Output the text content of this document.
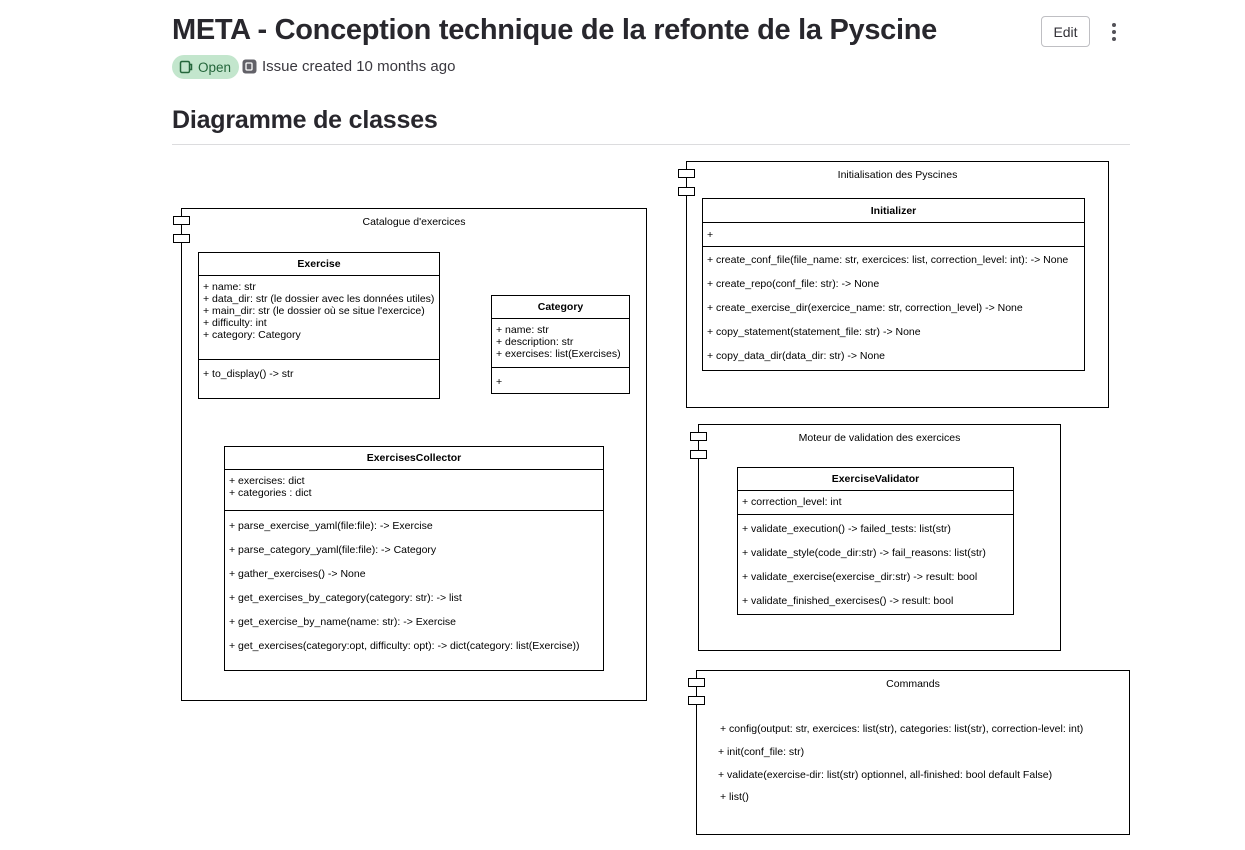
META - Conception technique de la refonte de la Pyscine	Edit
Open Issue created 10 months ago
Diagramme de classes
Catalogue d'exercices
Exercise
+ name: str
+ data_dir: str (le dossier avec les données utiles)
+ main_dir: str (le dossier où se situe l'exercice)
+ difficulty: int
+ category: Category
+ to_display() -> str
Category
+ name: str
+ description: str
+ exercises: list(Exercises)
+
ExercisesCollector
+ exercises: dict
+ categories : dict
+ parse_exercise_yaml(file:file): -> Exercise
+ parse_category_yaml(file:file): -> Category
+ gather_exercises() -> None
+ get_exercises_by_category(category: str): -> list
+ get_exercise_by_name(name: str): -> Exercise
+ get_exercises(category:opt, difficulty: opt): -> dict(category: list(Exercise))
Initialisation des Pyscines
Initializer
+
+ create_conf_file(file_name: str, exercices: list, correction_level: int): -> None
+ create_repo(conf_file: str): -> None
+ create_exercise_dir(exercice_name: str, correction_level) -> None
+ copy_statement(statement_file: str) -> None
+ copy_data_dir(data_dir: str) -> None
Moteur de validation des exercices
ExerciseValidator
+ correction_level: int
+ validate_execution() -> failed_tests: list(str)
+ validate_style(code_dir:str) -> fail_reasons: list(str)
+ validate_exercise(exercise_dir:str) -> result: bool
+ validate_finished_exercises() -> result: bool
Commands
+ config(output: str, exercices: list(str), categories: list(str), correction-level: int)
+ init(conf_file: str)
+ validate(exercise-dir: list(str) optionnel, all-finished: bool default False)
+ list()
